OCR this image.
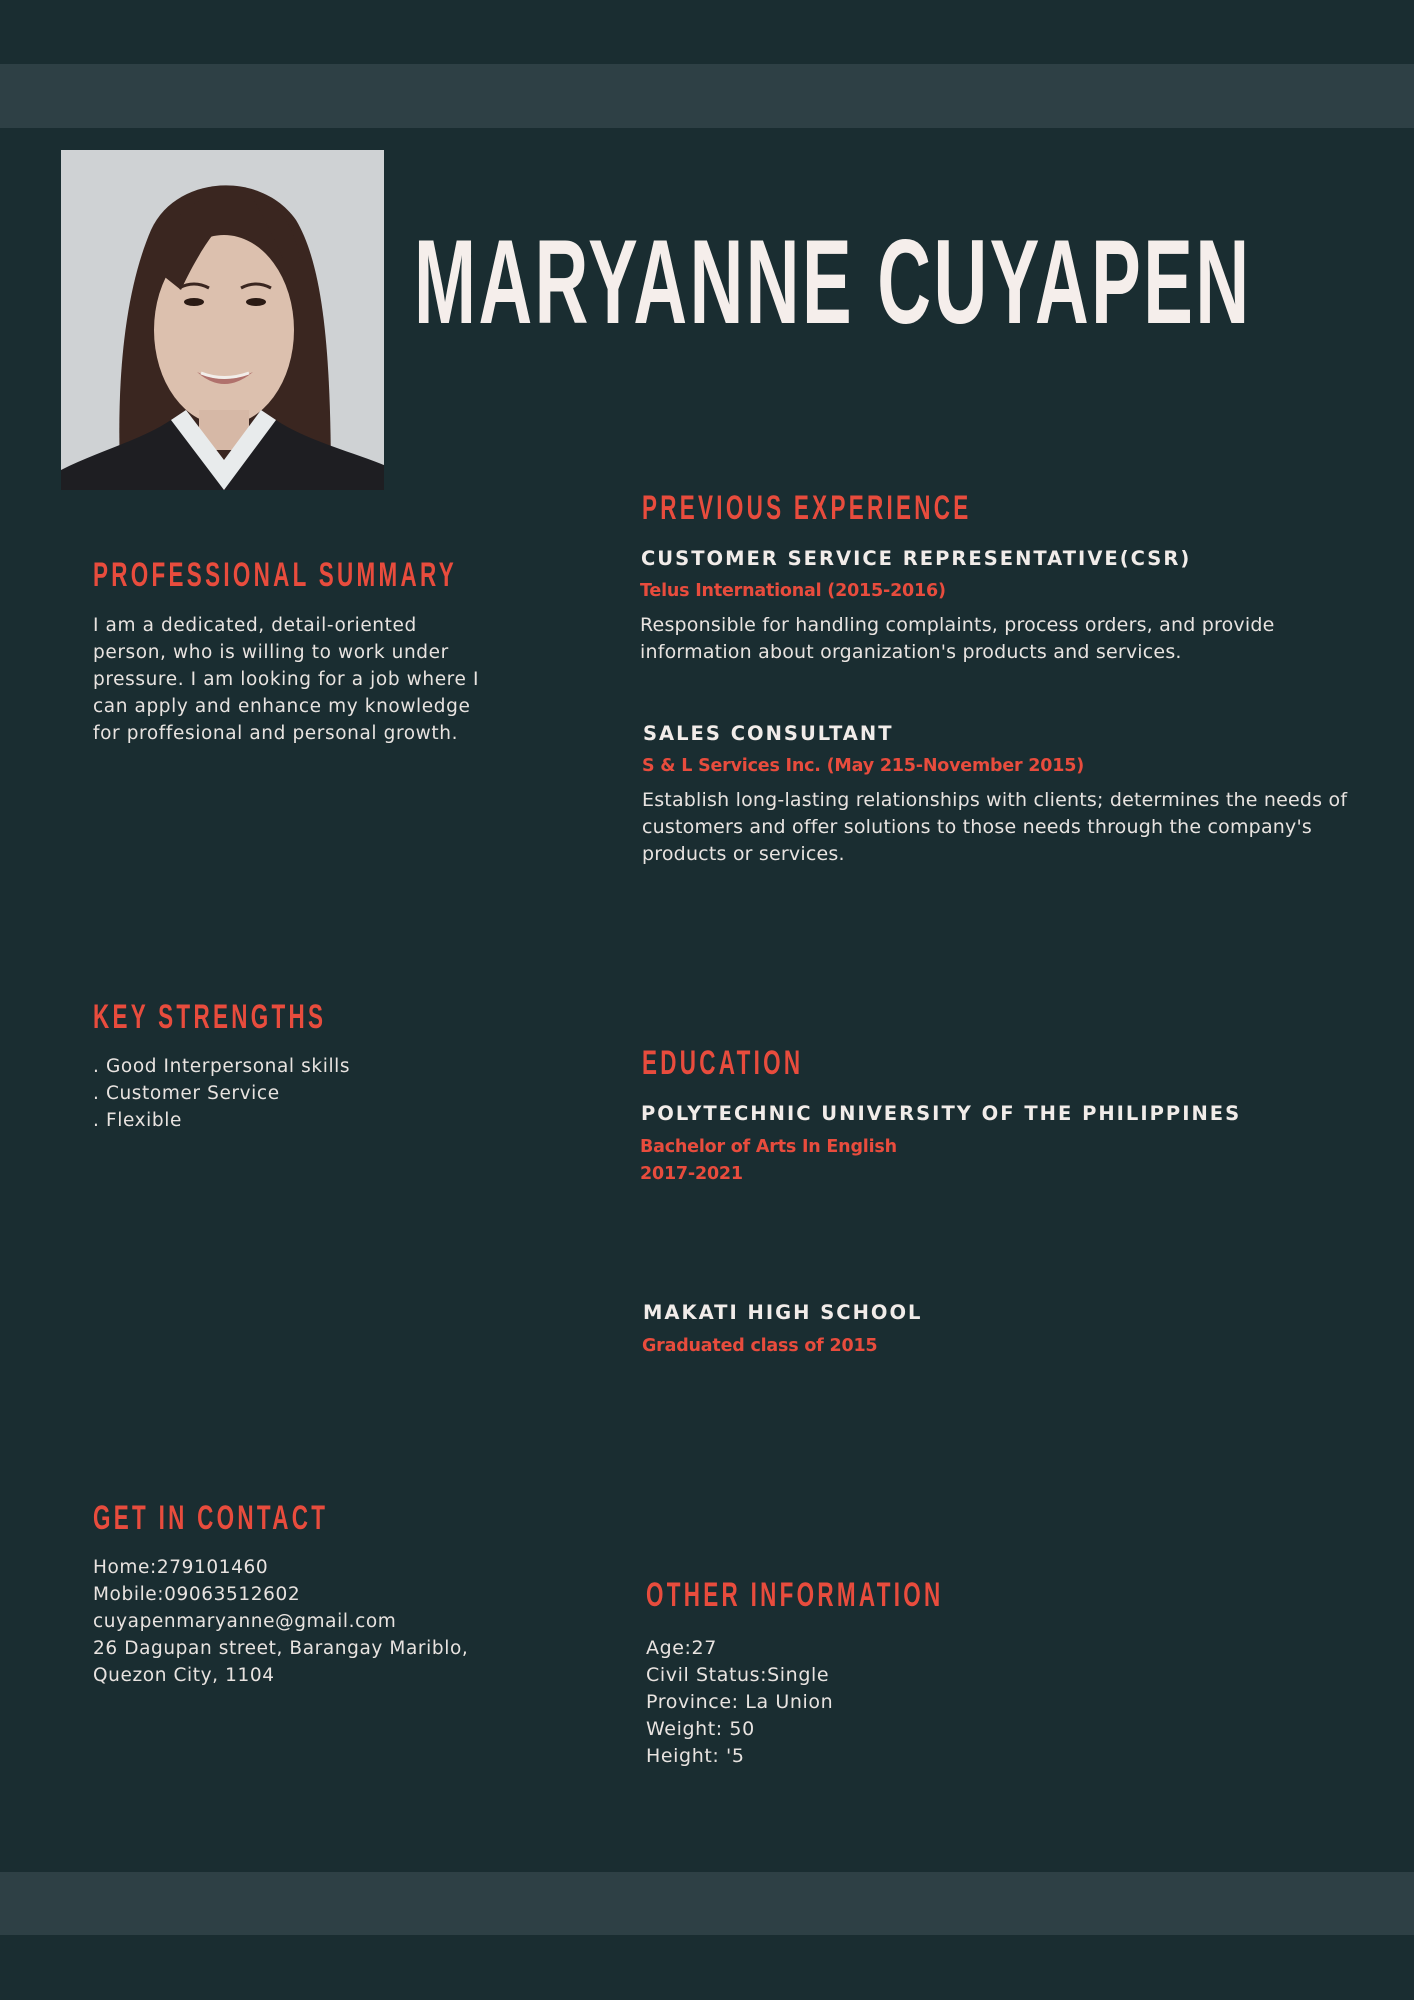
MARYANNE CUYAPEN
PROFESSIONAL SUMMARY
I am a dedicated, detail-oriented
person, who is willing to work under
pressure. I am looking for a job where I
can apply and enhance my knowledge
for proffesional and personal growth.
KEY STRENGTHS
. Good Interpersonal skills
. Customer Service
. Flexible
GET IN CONTACT
Home:279101460
Mobile:09063512602
cuyapenmaryanne@gmail.com
26 Dagupan street, Barangay Mariblo,
Quezon City, 1104
PREVIOUS EXPERIENCE
CUSTOMER SERVICE REPRESENTATIVE(CSR)
Telus International (2015-2016)
Responsible for handling complaints, process orders, and provide
information about organization's products and services.
SALES CONSULTANT
S & L Services Inc. (May 215-November 2015)
Establish long-lasting relationships with clients; determines the needs of
customers and offer solutions to those needs through the company's
products or services.
EDUCATION
POLYTECHNIC UNIVERSITY OF THE PHILIPPINES
Bachelor of Arts In English
2017-2021
MAKATI HIGH SCHOOL
Graduated class of 2015
OTHER INFORMATION
Age:27
Civil Status:Single
Province: La Union
Weight: 50
Height: '5
